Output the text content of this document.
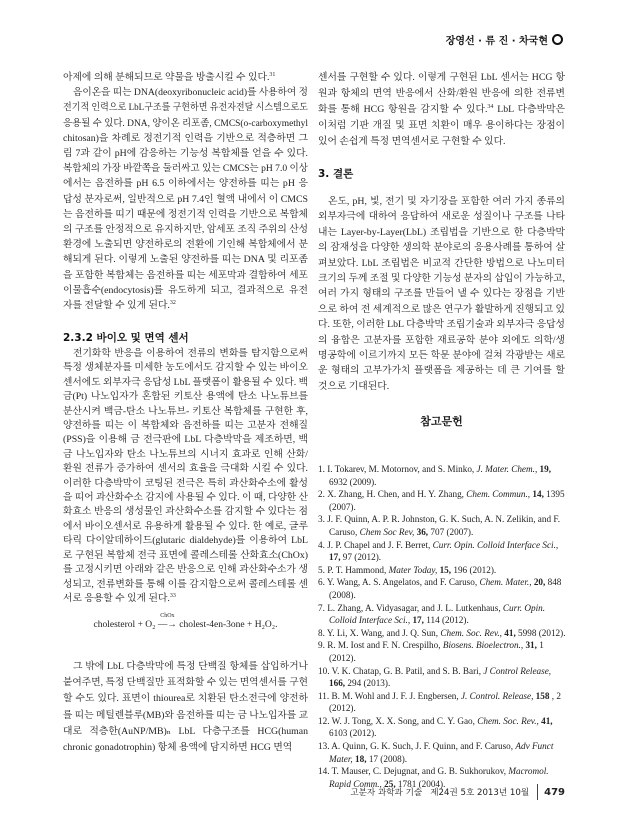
장영선 · 류 진 · 차국현
아제에 의해 분해되므로 약물을 방출시킬 수 있다.$^{31}$
음이온을 띠는 DNA(deoxyribonucleic acid)를 사용하여 정
전기적 인력으로 LbL구조를 구현하면 유전자전달 시스템으로도
응용될 수 있다. DNA, 양이온 리포좀, CMCS(o-carboxymethyl
chitosan)을 차례로 정전기적 인력을 기반으로 적층하면 그
림 7과 같이 pH에 감응하는 기능성 복합체를 얻을 수 있다.
복합체의 가장 바깥쪽을 둘러싸고 있는 CMCS는 pH 7.0 이상
에서는 음전하를 pH 6.5 이하에서는 양전하를 띠는 pH 응
답성 분자로써, 일반적으로 pH 7.4인 혈액 내에서 이 CMCS
는 음전하를 띠기 때문에 정전기적 인력을 기반으로 복합체
의 구조를 안정적으로 유지하지만, 암세포 조직 주위의 산성
환경에 노출되면 양전하로의 전환에 기인해 복합체에서 분
해되게 된다. 이렇게 노출된 양전하를 띠는 DNA 및 리포좀
을 포함한 복합체는 음전하를 띠는 세포막과 결합하여 세포
이물흡수(endocytosis)를 유도하게 되고, 결과적으로 유전
자를 전달할 수 있게 된다.$^{32}$
2.3.2 바이오 및 면역 센서
전기화학 반응을 이용하여 전류의 변화를 탐지함으로써
특정 생체분자를 미세한 농도에서도 감지할 수 있는 바이오
센서에도 외부자극 응답성 LbL 플랫폼이 활용될 수 있다. 백
금(Pt) 나노입자가 혼합된 키토산 용액에 탄소 나노튜브를
분산시켜 백금-탄소 나노튜브- 키토산 복합체를 구현한 후,
양전하를 띠는 이 복합체와 음전하를 띠는 고분자 전해질
(PSS)을 이용해 금 전극판에 LbL 다층박막을 제조하면, 백
금 나노입자와 탄소 나노튜브의 시너지 효과로 인해 산화/
환원 전류가 증가하여 센서의 효율을 극대화 시킬 수 있다.
이러한 다층박막이 코팅된 전극은 특히 과산화수소에 활성
을 띠어 과산화수소 감지에 사용될 수 있다. 이 때, 다양한 산
화효소 반응의 생성물인 과산화수소를 감지할 수 있다는 점
에서 바이오센서로 유용하게 활용될 수 있다. 한 예로, 글루
타릭 다이알데하이드(glutaric dialdehyde)를 이용하여 LbL
로 구현된 복합체 전극 표면에 콜레스테롤 산화효소(ChOx)
를 고정시키면 아래와 같은 반응으로 인해 과산화수소가 생
성되고, 전류변화를 통해 이를 감지함으로써 콜레스테롤 센
서로 응용할 수 있게 된다.$^{33}$
cholesterol + O₂
ChOx
—→ cholest-4en-3one + H₂O₂.
그 밖에 LbL 다층박막에 특정 단백질 항체를 삽입하거나
붙여주면, 특정 단백질만 표적화할 수 있는 면역센서를 구현
할 수도 있다. 표면이 thiourea로 치환된 탄소전극에 양전하
를 띠는 메틸렌블루(MB)와 음전하를 띠는 금 나노입자를 교
대로 적층한(AuNP/MB)ₙ LbL 다층구조를 HCG(human
chronic gonadotrophin) 항체 용액에 담지하면 HCG 면역
센서를 구현할 수 있다. 이렇게 구현된 LbL 센서는 HCG 항
원과 항체의 면역 반응에서 산화/환원 반응에 의한 전류변
화를 통해 HCG 항원을 감지할 수 있다.$^{34}$ LbL 다층박막은
이처럼 기판 개질 및 표면 치환이 매우 용이하다는 장점이
있어 손쉽게 특정 면역센서로 구현할 수 있다.
3. 결론
온도, pH, 빛, 전기 및 자기장을 포함한 여러 가지 종류의
외부자극에 대하여 응답하여 새로운 성질이나 구조를 나타
내는 Layer-by-Layer(LbL) 조립법을 기반으로 한 다층박막
의 잠재성을 다양한 생의학 분야로의 응용사례를 통하여 살
펴보았다. LbL 조립법은 비교적 간단한 방법으로 나노미터
크기의 두께 조절 및 다양한 기능성 분자의 삽입이 가능하고,
여러 가지 형태의 구조를 만들어 낼 수 있다는 장점을 기반
으로 하여 전 세계적으로 많은 연구가 활발하게 진행되고 있
다. 또한, 이러한 LbL 다층박막 조립기술과 외부자극 응답성
의 융합은 고분자를 포함한 재료공학 분야 외에도 의학/생
명공학에 이르기까지 모든 학문 분야에 걸쳐 각광받는 새로
운 형태의 고부가가치 플랫폼을 제공하는 데 큰 기여를 할
것으로 기대된다.
참고문헌
1. I. Tokarev, M. Motornov, and S. Minko, J. Mater. Chem., 19, 6932 (2009).
2. X. Zhang, H. Chen, and H. Y. Zhang, Chem. Commun., 14, 1395 (2007).
3. J. F. Quinn, A. P. R. Johnston, G. K. Such, A. N. Zelikin, and F. Caruso, Chem Soc Rev, 36, 707 (2007).
4. J. P. Chapel and J. F. Berret, Curr. Opin. Colloid Interface Sci., 17, 97 (2012).
5. P. T. Hammond, Mater Today, 15, 196 (2012).
6. Y. Wang, A. S. Angelatos, and F. Caruso, Chem. Mater., 20, 848 (2008).
7. L. Zhang, A. Vidyasagar, and J. L. Lutkenhaus, Curr. Opin. Colloid Interface Sci., 17, 114 (2012).
8. Y. Li, X. Wang, and J. Q. Sun, Chem. Soc. Rev., 41, 5998 (2012).
9. R. M. Iost and F. N. Crespilho, Biosens. Bioelectron., 31, 1 (2012).
10. V. K. Chatap, G. B. Patil, and S. B. Bari, J Control Release, 166, 294 (2013).
11. B. M. Wohl and J. F. J. Engbersen, J. Control. Release, 158 , 2 (2012).
12. W. J. Tong, X. X. Song, and C. Y. Gao, Chem. Soc. Rev., 41, 6103 (2012).
13. A. Quinn, G. K. Such, J. F. Quinn, and F. Caruso, Adv Funct Mater, 18, 17 (2008).
14. T. Mauser, C. Dejugnat, and G. B. Sukhorukov, Macromol. Rapid Comm., 25, 1781 (2004).
고분자 과학과 기술 제24권 5호 2013년 10월 479
